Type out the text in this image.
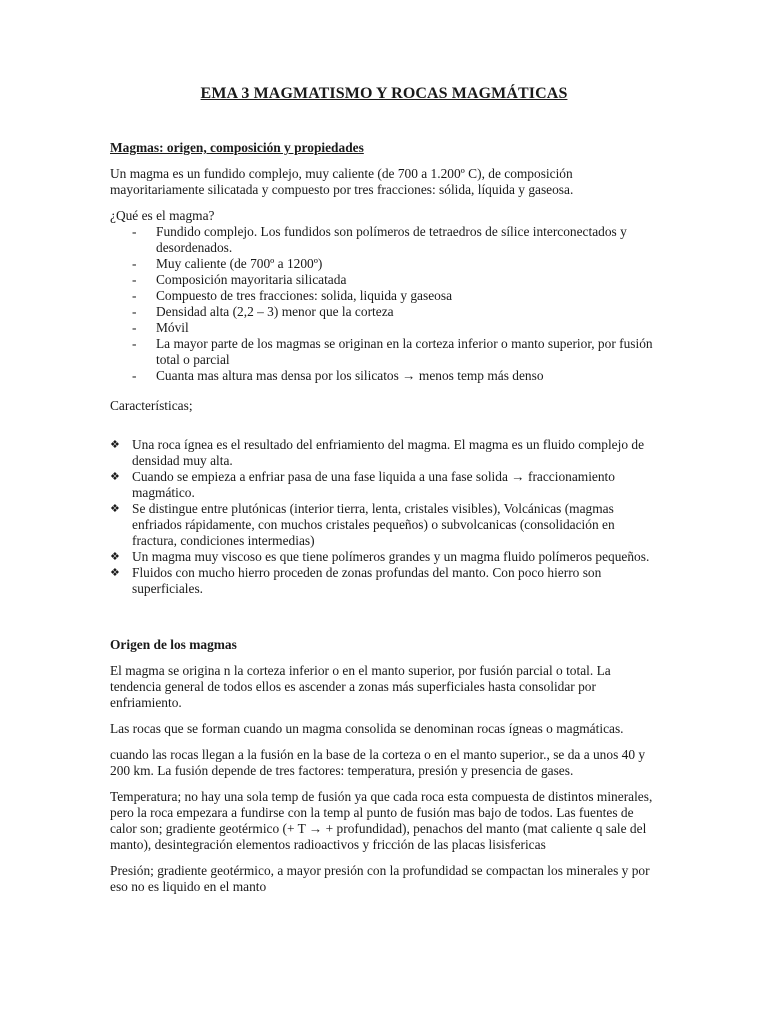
EMA 3 MAGMATISMO Y ROCAS MAGMÁTICAS
Magmas: origen, composición y propiedades

Un magma es un fundido complejo, muy caliente (de 700 a 1.200º C), de composición mayoritariamente silicatada y compuesto por tres fracciones: sólida, líquida y gaseosa.

¿Qué es el magma?
- Fundido complejo. Los fundidos son polímeros de tetraedros de sílice interconectados y desordenados.
- Muy caliente (de 700º a 1200º)
- Composición mayoritaria silicatada
- Compuesto de tres fracciones: solida, liquida y gaseosa
- Densidad alta (2,2 – 3) menor que la corteza
- Móvil
- La mayor parte de los magmas se originan en la corteza inferior o manto superior, por fusión total o parcial
- Cuanta mas altura mas densa por los silicatos → menos temp más denso

Características;

❖ Una roca ígnea es el resultado del enfriamiento del magma. El magma es un fluido complejo de densidad muy alta.
❖ Cuando se empieza a enfriar pasa de una fase liquida a una fase solida → fraccionamiento magmático.
❖ Se distingue entre plutónicas (interior tierra, lenta, cristales visibles), Volcánicas (magmas enfriados rápidamente, con muchos cristales pequeños) o subvolcanicas (consolidación en fractura, condiciones intermedias)
❖ Un magma muy viscoso es que tiene polímeros grandes y un magma fluido polímeros pequeños.
❖ Fluidos con mucho hierro proceden de zonas profundas del manto. Con poco hierro son superficiales.
Origen de los magmas

El magma se origina n la corteza inferior o en el manto superior, por fusión parcial o total. La tendencia general de todos ellos es ascender a zonas más superficiales hasta consolidar por enfriamiento.

Las rocas que se forman cuando un magma consolida se denominan rocas ígneas o magmáticas.

cuando las rocas llegan a la fusión en la base de la corteza o en el manto superior., se da a unos 40 y 200 km. La fusión depende de tres factores: temperatura, presión y presencia de gases.

Temperatura; no hay una sola temp de fusión ya que cada roca esta compuesta de distintos minerales, pero la roca empezara a fundirse con la temp al punto de fusión mas bajo de todos. Las fuentes de calor son; gradiente geotérmico (+ T → + profundidad), penachos del manto (mat caliente q sale del manto), desintegración elementos radioactivos y fricción de las placas lisisfericas

Presión; gradiente geotérmico, a mayor presión con la profundidad se compactan los minerales y por eso no es liquido en el manto
